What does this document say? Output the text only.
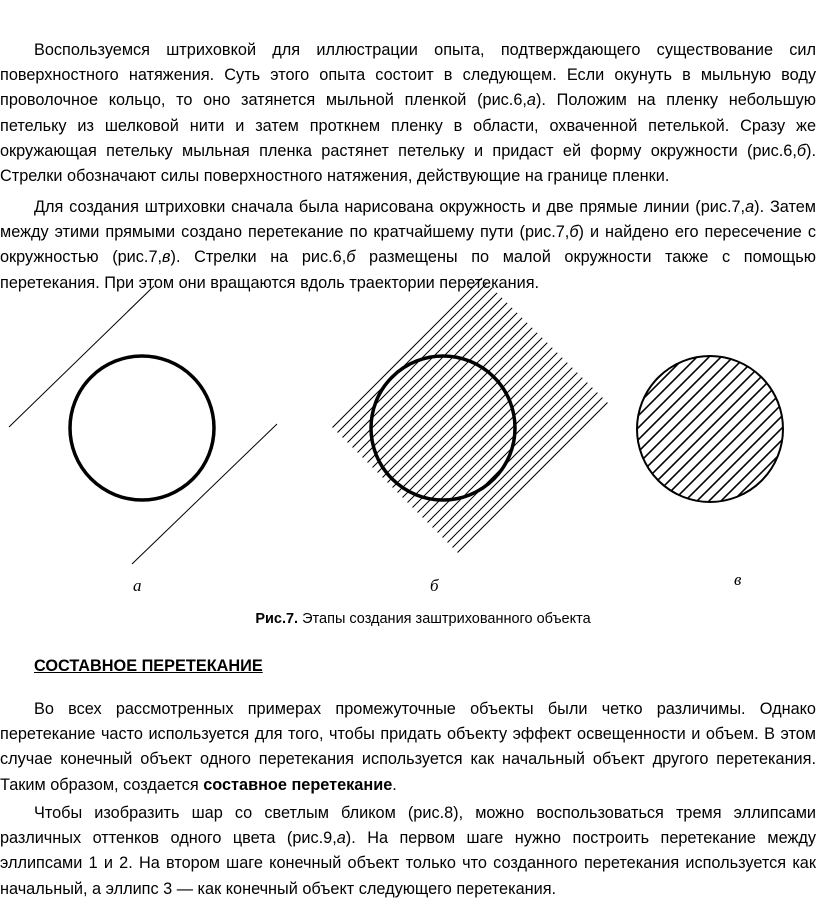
Воспользуемся штриховкой для иллюстрации опыта, подтверждающего существование сил поверхностного натяжения. Суть этого опыта состоит в следующем. Если окунуть в мыльную воду проволочное кольцо, то оно затянется мыльной пленкой (рис.6,а). Положим на пленку небольшую петельку из шелковой нити и затем проткнем пленку в области, охваченной петелькой. Сразу же окружающая петельку мыльная пленка растянет петельку и придаст ей форму окружности (рис.6,б). Стрелки обозначают силы поверхностного натяжения, действующие на границе пленки.
Для создания штриховки сначала была нарисована окружность и две прямые линии (рис.7,а). Затем между этими прямыми создано перетекание по кратчайшему пути (рис.7,б) и найдено его пересечение с окружностью (рис.7,в). Стрелки на рис.6,б размещены по малой окружности также с помощью перетекания. При этом они вращаются вдоль траектории перетекания.
а	б	в
Рис.7. Этапы создания заштрихованного объекта
СОСТАВНОЕ ПЕРЕТЕКАНИЕ
Во всех рассмотренных примерах промежуточные объекты были четко различимы. Однако перетекание часто используется для того, чтобы придать объекту эффект освещенности и объем. В этом случае конечный объект одного перетекания используется как начальный объект другого перетекания. Таким образом, создается составное перетекание.
Чтобы изобразить шар со светлым бликом (рис.8), можно воспользоваться тремя эллипсами различных оттенков одного цвета (рис.9,а). На первом шаге нужно построить перетекание между эллипсами 1 и 2. На втором шаге конечный объект только что созданного перетекания используется как начальный, а эллипс 3 — как конечный объект следующего перетекания.
